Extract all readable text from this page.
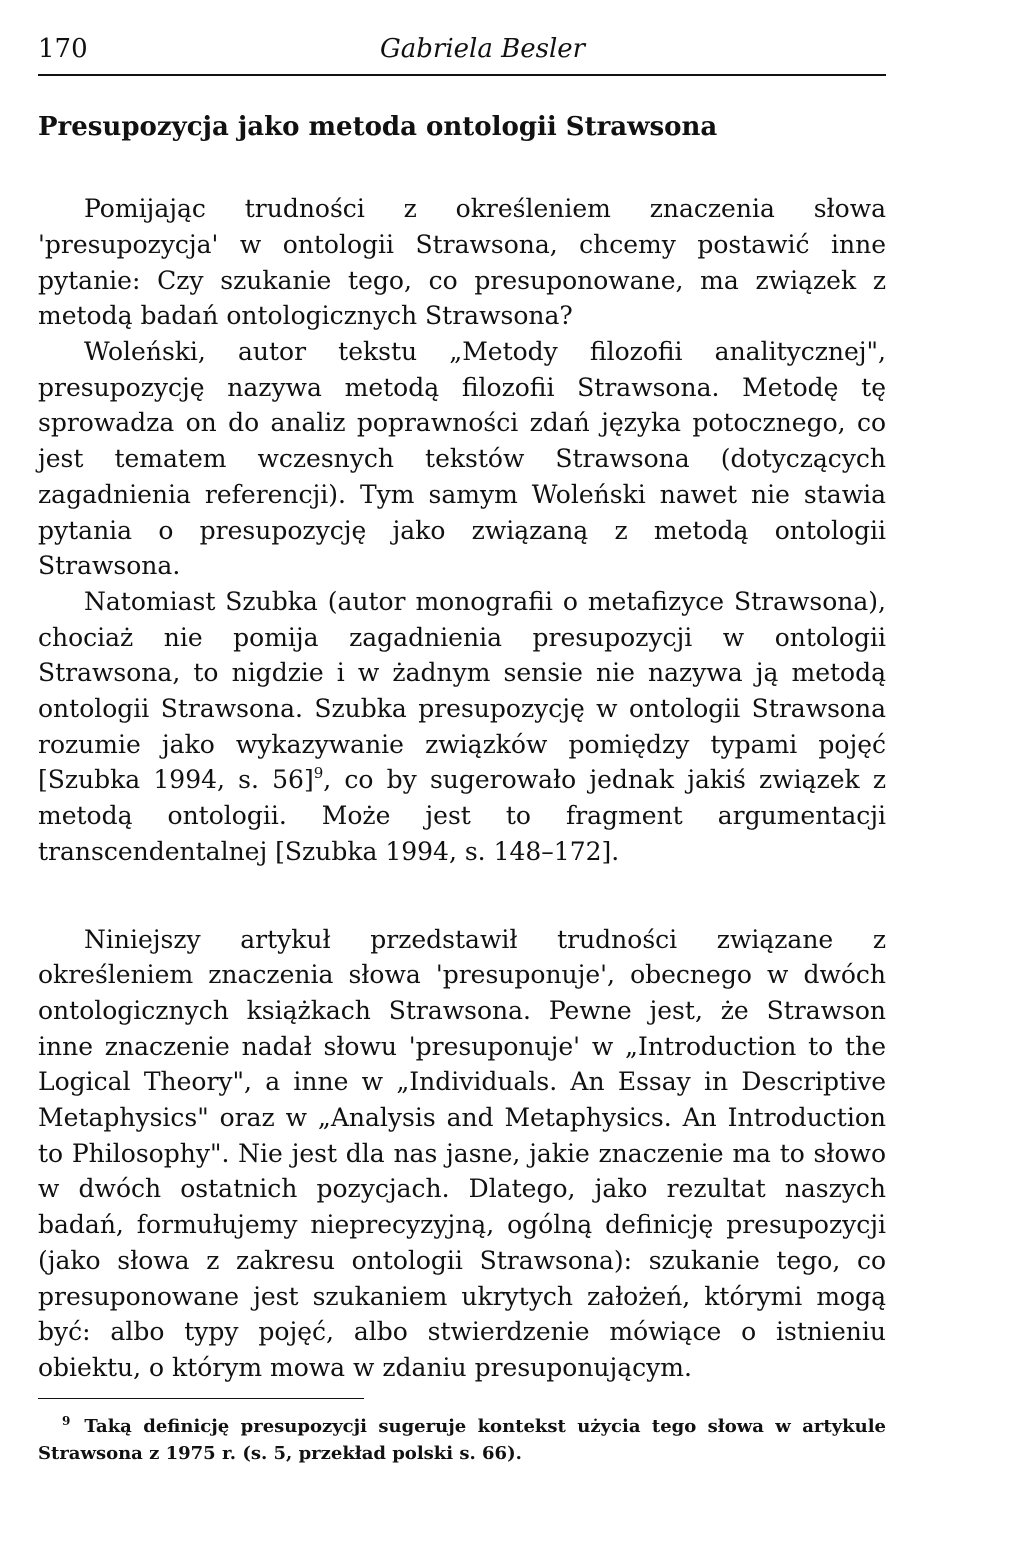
170	Gabriela Besler
Presupozycja jako metoda ontologii Strawsona

Pomijając trudności z określeniem znaczenia słowa 'presupozycja' w ontologii Strawsona, chcemy postawić inne pytanie: Czy szukanie tego, co presuponowane, ma związek z metodą badań ontologicznych Strawsona?

Woleński, autor tekstu „Metody filozofii analitycznej", presupozycję nazywa metodą filozofii Strawsona. Metodę tę sprowadza on do analiz poprawności zdań języka potocznego, co jest tematem wczesnych tekstów Strawsona (dotyczących zagadnienia referencji). Tym samym Woleński nawet nie stawia pytania o presupozycję jako związaną z metodą ontologii Strawsona.

Natomiast Szubka (autor monografii o metafizyce Strawsona), chociaż nie pomija zagadnienia presupozycji w ontologii Strawsona, to nigdzie i w żadnym sensie nie nazywa ją metodą ontologii Strawsona. Szubka presupozycję w ontologii Strawsona rozumie jako wykazywanie związków pomiędzy typami pojęć [Szubka 1994, s. 56]$^9$, co by sugerowało jednak jakiś związek z metodą ontologii. Może jest to fragment argumentacji transcendentalnej [Szubka 1994, s. 148–172].

Niniejszy artykuł przedstawił trudności związane z określeniem znaczenia słowa 'presuponuje', obecnego w dwóch ontologicznych książkach Strawsona. Pewne jest, że Strawson inne znaczenie nadał słowu 'presuponuje' w „Introduction to the Logical Theory", a inne w „Individuals. An Essay in Descriptive Metaphysics" oraz w „Analysis and Metaphysics. An Introduction to Philosophy". Nie jest dla nas jasne, jakie znaczenie ma to słowo w dwóch ostatnich pozycjach. Dlatego, jako rezultat naszych badań, formułujemy nieprecyzyjną, ogólną definicję presupozycji (jako słowa z zakresu ontologii Strawsona): szukanie tego, co presuponowane jest szukaniem ukrytych założeń, którymi mogą być: albo typy pojęć, albo stwierdzenie mówiące o istnieniu obiektu, o którym mowa w zdaniu presuponującym.

$^9$ Taką definicję presupozycji sugeruje kontekst użycia tego słowa w artykule Strawsona z 1975 r. (s. 5, przekład polski s. 66).
